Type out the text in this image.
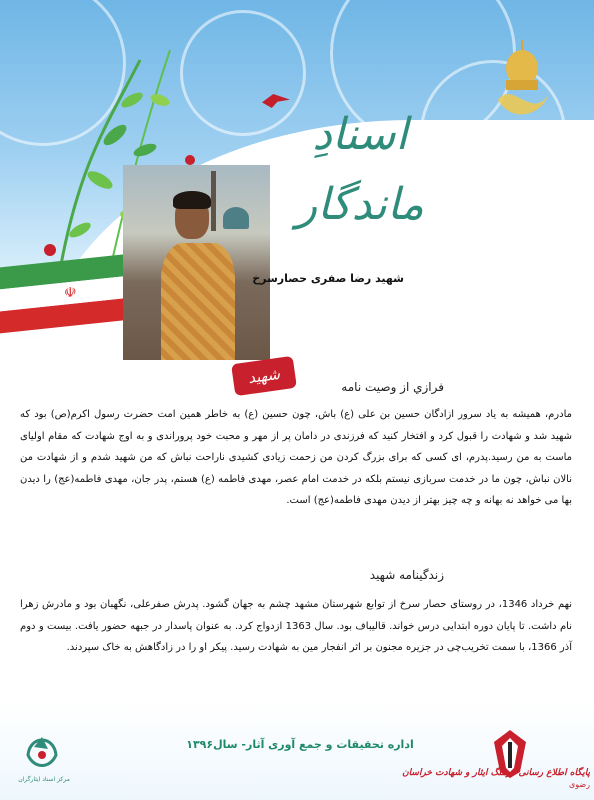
اسنادِ ماندگار
☫
شهيد رضا صفری حصارسرخ
شهید	فرازي از وصيت نامه
مادرم، همیشه به یاد سرور ازادگان حسین بن علی (ع) باش، چون حسین (ع) به خاطر همین امت حضرت رسول اکرم(ص) بود که شهید شد و شهادت را قبول کرد و افتخار کنید که فرزندی در دامان پر از مهر و محبت خود پروراندی و به اوج شهادت که مقام اولیای ماست به من رسید.پدرم، ای کسی که برای بزرگ کردن من زحمت زیادی کشیدی ناراحت نباش که من شهید شدم و از شهادت من نالان نباش، چون ما در خدمت سربازی نیستم بلکه در خدمت امام عصر، مهدی فاطمه (ع) هستم، پدر جان، مهدی فاطمه(عج) را دیدن بها می خواهد نه بهانه و چه چیز بهتر از دیدن مهدی فاطمه(عج) است.
زندگینامه شهید
نهم خرداد 1346، در روستای حصار سرخ از توابع شهرستان مشهد چشم به جهان گشود. پدرش صفرعلی، نگهبان بود و مادرش زهرا نام داشت. تا پایان دوره ابتدایی درس خواند. قالیباف بود. سال 1363 ازدواج کرد. به عنوان پاسدار در جبهه حضور یافت. بیست و دوم آذر 1366، با سمت تخریب‌چی در جزیره مجنون بر اثر انفجار مین به شهادت رسید. پیکر او را در زادگاهش به خاک سپردند.
مرکز اسناد ایثارگران
اداره تحقیقات و جمع آوری آثار- سال۱۳۹۶
پایگاه اطلاع رسانی فرهنگ ایثار و شهادت خراسان
رضوی
